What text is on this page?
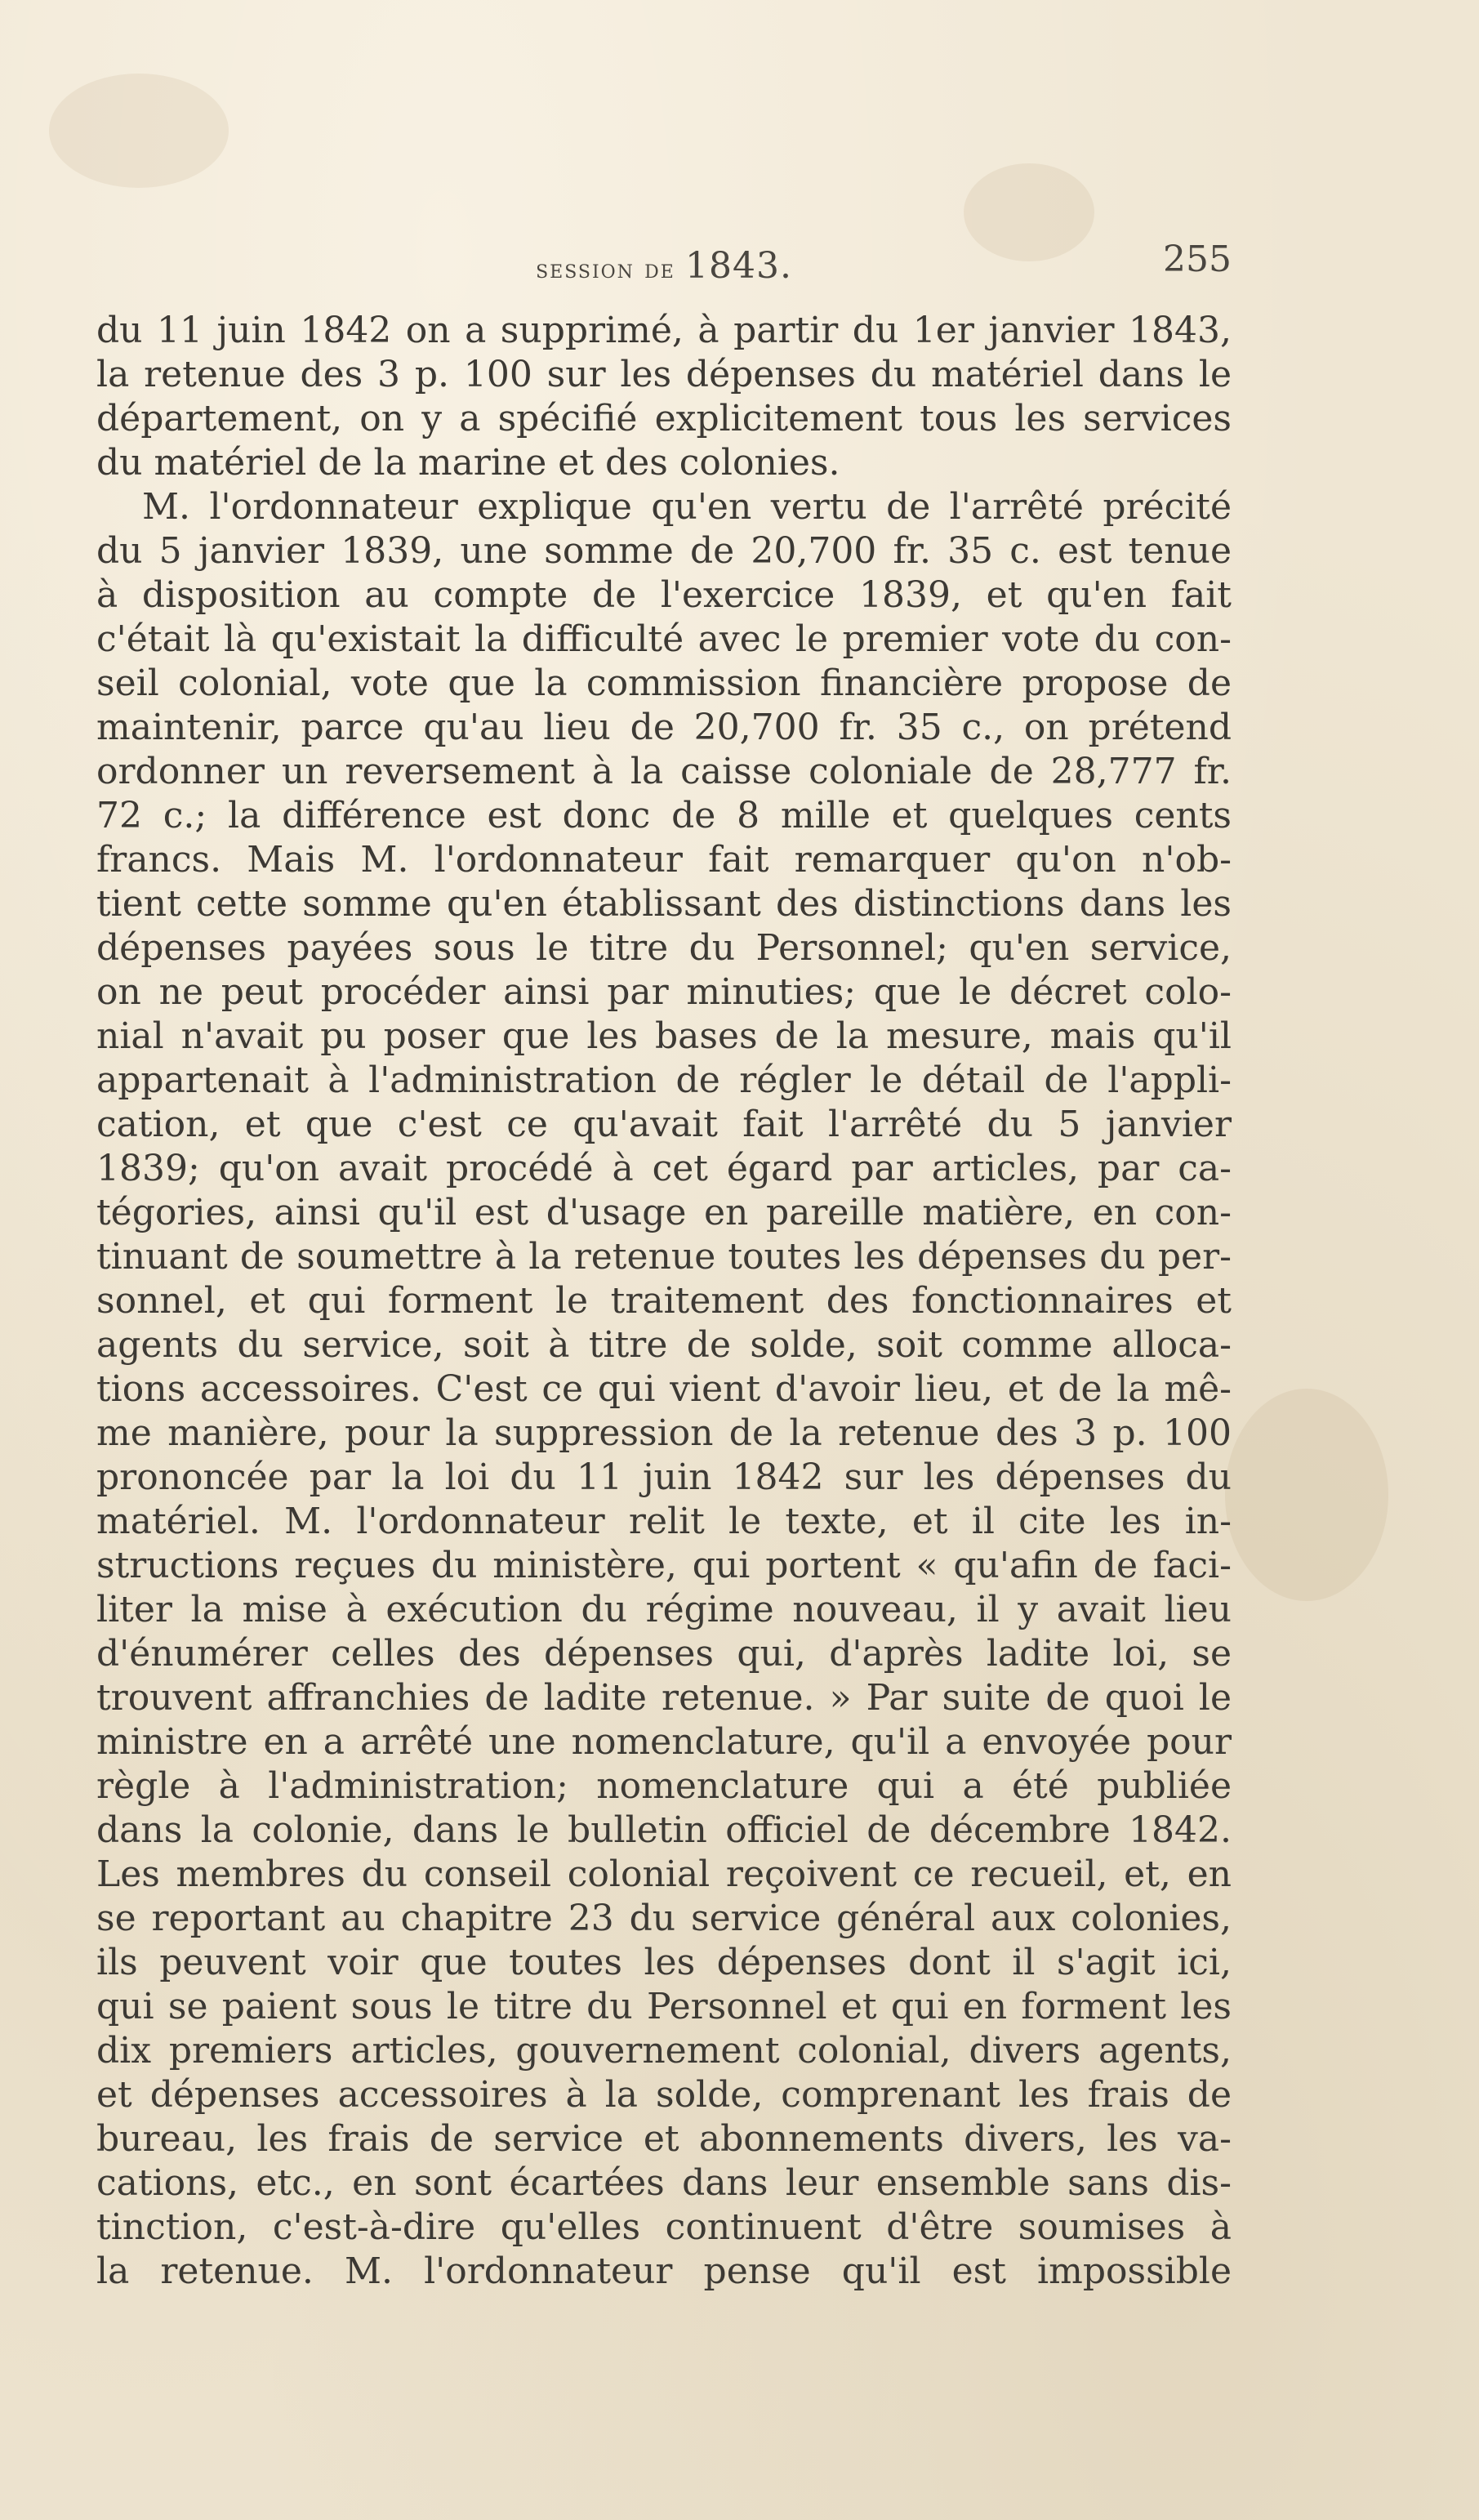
session de 1843.	255
du 11 juin 1842 on a supprimé, à partir du 1er janvier 1843,
la retenue des 3 p. 100 sur les dépenses du matériel dans le
département, on y a spécifié explicitement tous les services
du matériel de la marine et des colonies.
M. l'ordonnateur explique qu'en vertu de l'arrêté précité
du 5 janvier 1839, une somme de 20,700 fr. 35 c. est tenue
à disposition au compte de l'exercice 1839, et qu'en fait
c'était là qu'existait la difficulté avec le premier vote du con-
seil colonial, vote que la commission financière propose de
maintenir, parce qu'au lieu de 20,700 fr. 35 c., on prétend
ordonner un reversement à la caisse coloniale de 28,777 fr.
72 c.; la différence est donc de 8 mille et quelques cents
francs. Mais M. l'ordonnateur fait remarquer qu'on n'ob-
tient cette somme qu'en établissant des distinctions dans les
dépenses payées sous le titre du Personnel; qu'en service,
on ne peut procéder ainsi par minuties; que le décret colo-
nial n'avait pu poser que les bases de la mesure, mais qu'il
appartenait à l'administration de régler le détail de l'appli-
cation, et que c'est ce qu'avait fait l'arrêté du 5 janvier
1839; qu'on avait procédé à cet égard par articles, par ca-
tégories, ainsi qu'il est d'usage en pareille matière, en con-
tinuant de soumettre à la retenue toutes les dépenses du per-
sonnel, et qui forment le traitement des fonctionnaires et
agents du service, soit à titre de solde, soit comme alloca-
tions accessoires. C'est ce qui vient d'avoir lieu, et de la mê-
me manière, pour la suppression de la retenue des 3 p. 100
prononcée par la loi du 11 juin 1842 sur les dépenses du
matériel. M. l'ordonnateur relit le texte, et il cite les in-
structions reçues du ministère, qui portent « qu'afin de faci-
liter la mise à exécution du régime nouveau, il y avait lieu
d'énumérer celles des dépenses qui, d'après ladite loi, se
trouvent affranchies de ladite retenue. » Par suite de quoi le
ministre en a arrêté une nomenclature, qu'il a envoyée pour
règle à l'administration; nomenclature qui a été publiée
dans la colonie, dans le bulletin officiel de décembre 1842.
Les membres du conseil colonial reçoivent ce recueil, et, en
se reportant au chapitre 23 du service général aux colonies,
ils peuvent voir que toutes les dépenses dont il s'agit ici,
qui se paient sous le titre du Personnel et qui en forment les
dix premiers articles, gouvernement colonial, divers agents,
et dépenses accessoires à la solde, comprenant les frais de
bureau, les frais de service et abonnements divers, les va-
cations, etc., en sont écartées dans leur ensemble sans dis-
tinction, c'est-à-dire qu'elles continuent d'être soumises à
la retenue. M. l'ordonnateur pense qu'il est impossible
